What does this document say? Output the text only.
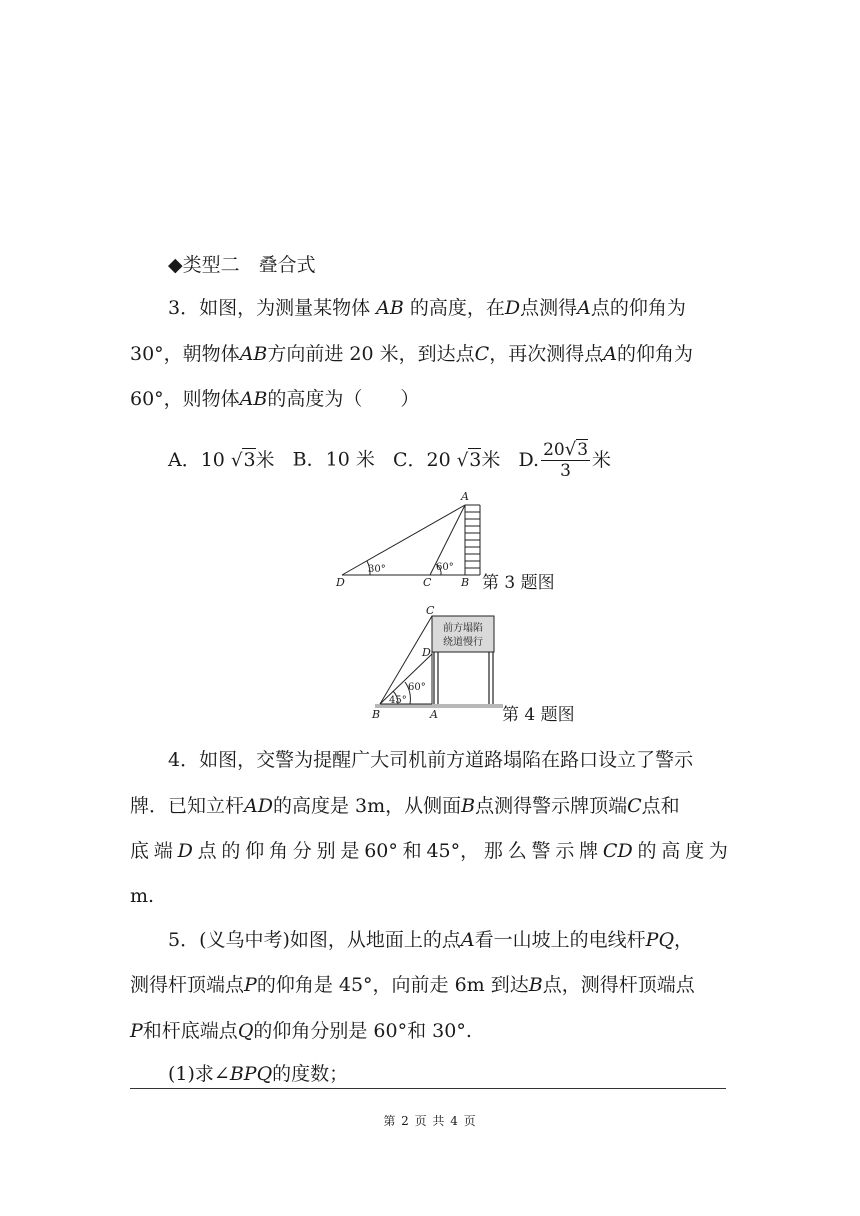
◆类型二　叠合式
3．如图，为测量某物体 AB 的高度，在D点测得A点的仰角为
30°，朝物体AB方向前进 20 米，到达点C，再次测得点A的仰角为
60°，则物体AB的高度为（　　）
A．10 √3米 B．10 米 C．20 √3米 D. $\frac{20√3}{3}$ 米
A
B
C
D
30°	60°
第 3 题图
前方塌陷
绕道慢行
C
D
B	A
60°
45°
第 4 题图
4．如图，交警为提醒广大司机前方道路塌陷在路口设立了警示
牌．已知立杆AD的高度是 3m，从侧面B点测得警示牌顶端C点和
底 端 D 点 的 仰 角 分 别 是 60° 和 45°， 那 么 警 示 牌 CD 的 高 度 为
m.
5．(义乌中考)如图，从地面上的点A看一山坡上的电线杆PQ，
测得杆顶端点P的仰角是 45°，向前走 6m 到达B点，测得杆顶端点
P和杆底端点Q的仰角分别是 60°和 30°.
(1)求∠BPQ的度数；
第 2 页 共 4 页
